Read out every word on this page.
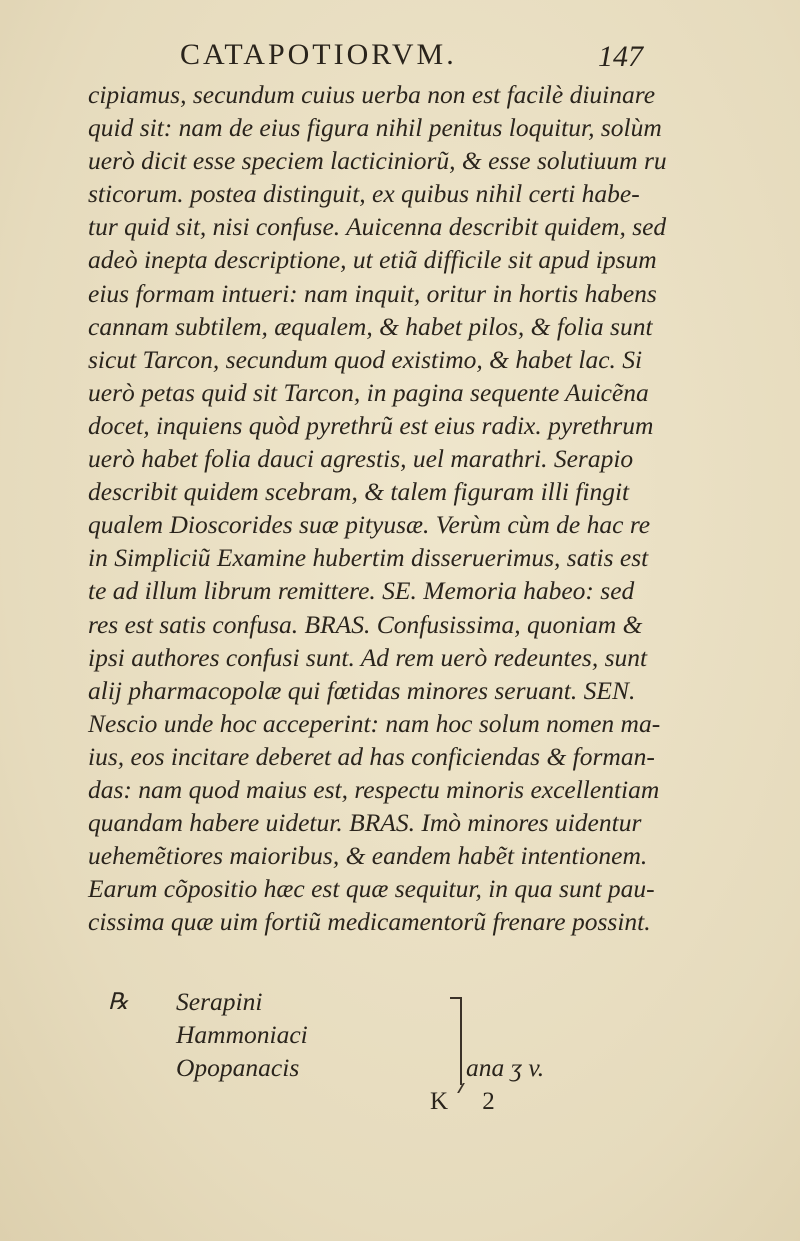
CATAPOTIORVM.	147
cipiamus, secundum cuius uerba non est facilè diuinare
quid sit: nam de eius figura nihil penitus loquitur, solùm
uerò dicit esse speciem lacticiniorũ, & esse solutiuum ru
sticorum. postea distinguit, ex quibus nihil certi habe-
tur quid sit, nisi confuse. Auicenna describit quidem, sed
adeò inepta descriptione, ut etiã difficile sit apud ipsum
eius formam intueri: nam inquit, oritur in hortis habens
cannam subtilem, æqualem, & habet pilos, & folia sunt
sicut Tarcon, secundum quod existimo, & habet lac. Si
uerò petas quid sit Tarcon, in pagina sequente Auicẽna
docet, inquiens quòd pyrethrũ est eius radix. pyrethrum
uerò habet folia dauci agrestis, uel marathri. Serapio
describit quidem scebram, & talem figuram illi fingit
qualem Dioscorides suæ pityusæ. Verùm cùm de hac re
in Simpliciũ Examine hubertim disseruerimus, satis est
te ad illum librum remittere. SE. Memoria habeo: sed
res est satis confusa. BRAS. Confusissima, quoniam &
ipsi authores confusi sunt. Ad rem uerò redeuntes, sunt
alij pharmacopolæ qui fœtidas minores seruant. SEN.
Nescio unde hoc acceperint: nam hoc solum nomen ma-
ius, eos incitare deberet ad has conficiendas & forman-
das: nam quod maius est, respectu minoris excellentiam
quandam habere uidetur. BRAS. Imò minores uidentur
uehemẽtiores maioribus, & eandem habẽt intentionem.
Earum cõpositio hæc est quæ sequitur, in qua sunt pau-
cissima quæ uim fortiũ medicamentorũ frenare possint.
℞ Serapini
Hammoniaci
Opopanacis	ana ʒ v.
K 2
